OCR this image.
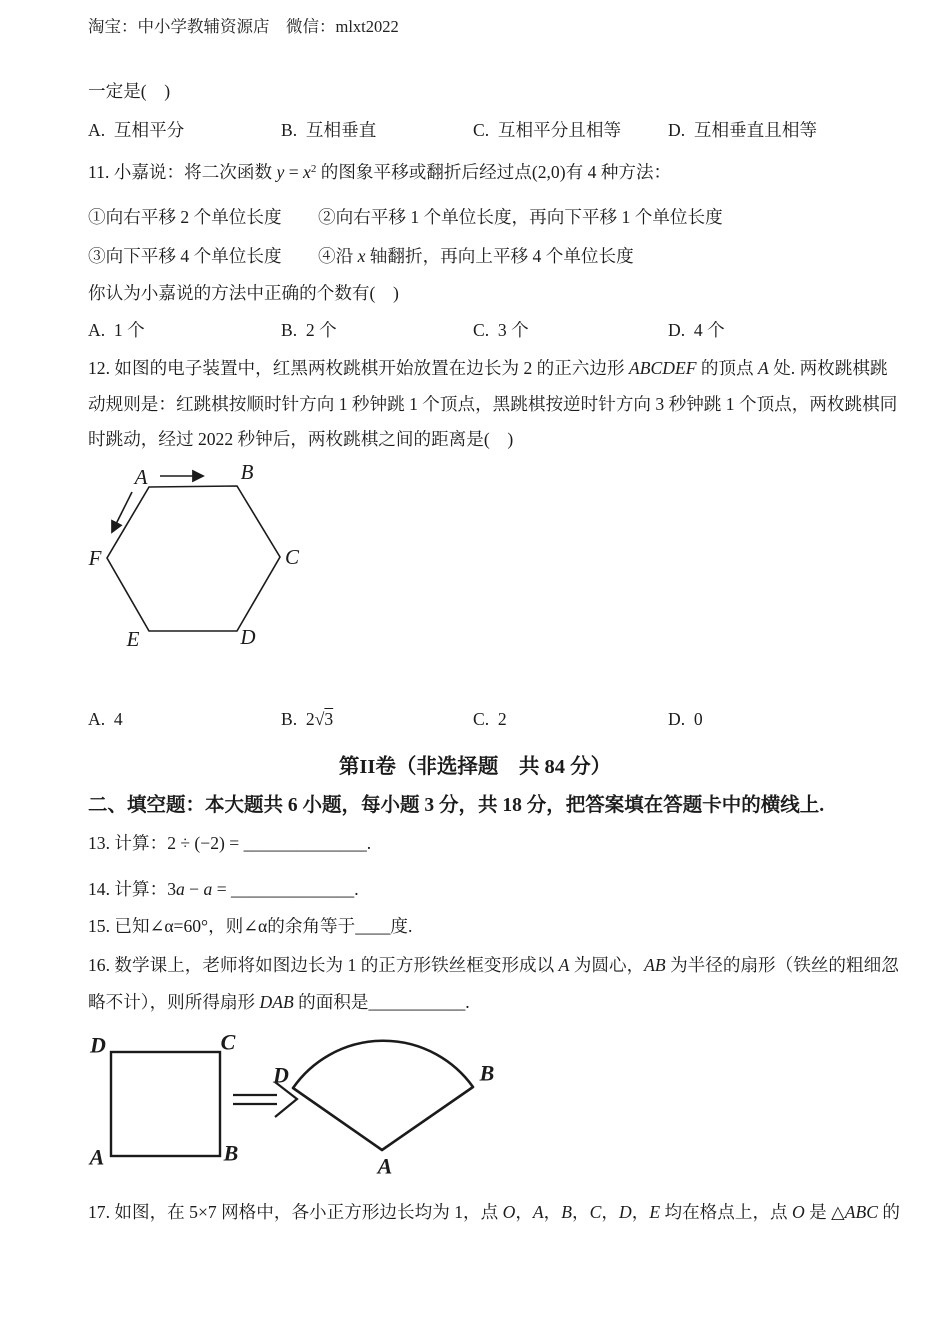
淘宝：中小学教辅资源店　微信：mlxt2022
一定是(　)
A.  互相平分	B.  互相垂直	C.  互相平分且相等	D.  互相垂直且相等
11. 小嘉说：将二次函数 $y = x^2$ 的图象平移或翻折后经过点(2,0)有 4 种方法：
①向右平移 2 个单位长度 ②向右平移 1 个单位长度，再向下平移 1 个单位长度
③向下平移 4 个单位长度 ④沿 x 轴翻折，再向上平移 4 个单位长度
你认为小嘉说的方法中正确的个数有(　)
A.  1 个	B.  2 个	C.  3 个	D.  4 个
12. 如图的电子装置中，红黑两枚跳棋开始放置在边长为 2 的正六边形 ABCDEF 的顶点 A 处. 两枚跳棋跳
动规则是：红跳棋按顺时针方向 1 秒钟跳 1 个顶点，黑跳棋按逆时针方向 3 秒钟跳 1 个顶点，两枚跳棋同
时跳动，经过 2022 秒钟后，两枚跳棋之间的距离是(　)
A	B
C
D
E
F
A.  4	B.  2√3	C.  2	D.  0
第II卷（非选择题　共 84 分）
二、填空题：本大题共 6 小题，每小题 3 分，共 18 分，把答案填在答题卡中的横线上.
13. 计算：2 ÷ (−2) = ______________.
14. 计算：3a − a = ______________.
15. 已知∠α=60°，则∠α的余角等于____度.
16. 数学课上，老师将如图边长为 1 的正方形铁丝框变形成以 A 为圆心，AB 为半径的扇形（铁丝的粗细忽
略不计），则所得扇形 DAB 的面积是___________.
D	C
A	B
D	B
A
17. 如图，在 5×7 网格中，各小正方形边长均为 1，点 O，A，B，C，D，E 均在格点上，点 O 是 △ABC 的
